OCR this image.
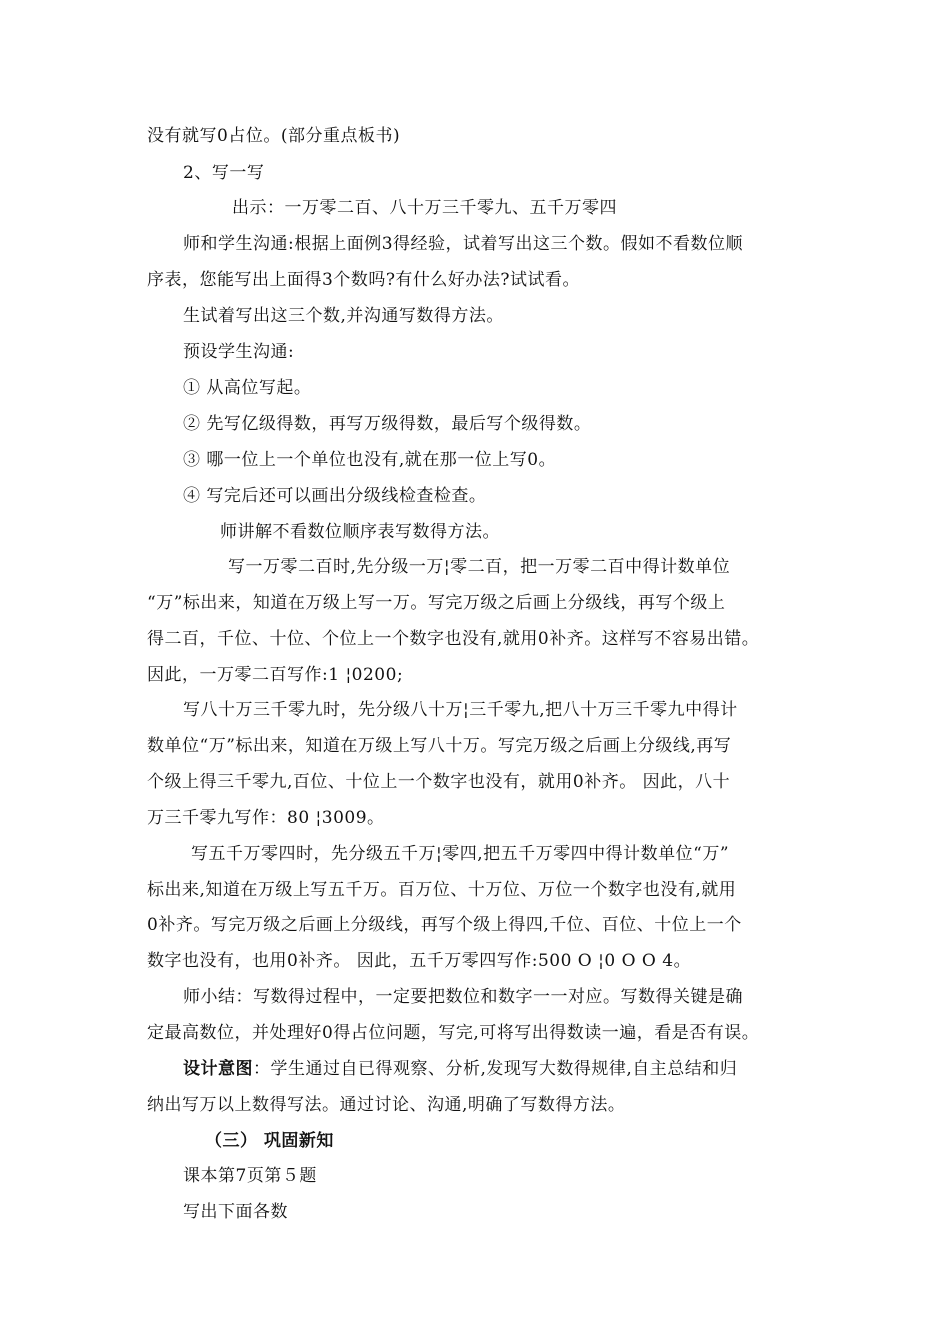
没有就写0占位。(部分重点板书)
2、写一写
出示：一万零二百、八十万三千零九、五千万零四
师和学生沟通:根据上面例3得经验，试着写出这三个数。假如不看数位顺
序表，您能写出上面得3个数吗?有什么好办法?试试看。
生试着写出这三个数,并沟通写数得方法。
预设学生沟通:
① 从高位写起。
② 先写亿级得数，再写万级得数，最后写个级得数。
③ 哪一位上一个单位也没有,就在那一位上写0。
④ 写完后还可以画出分级线检查检查。
师讲解不看数位顺序表写数得方法。
写一万零二百时,先分级一万¦零二百，把一万零二百中得计数单位
“万”标出来，知道在万级上写一万。写完万级之后画上分级线，再写个级上
得二百，千位、十位、个位上一个数字也没有,就用0补齐。这样写不容易出错。
因此，一万零二百写作:1 ¦0200;
写八十万三千零九时，先分级八十万¦三千零九,把八十万三千零九中得计
数单位“万”标出来，知道在万级上写八十万。写完万级之后画上分级线,再写
个级上得三千零九,百位、十位上一个数字也没有，就用0补齐。 因此，八十
万三千零九写作：80 ¦3009。
写五千万零四时，先分级五千万¦零四,把五千万零四中得计数单位“万”
标出来,知道在万级上写五千万。百万位、十万位、万位一个数字也没有,就用
0补齐。写完万级之后画上分级线，再写个级上得四,千位、百位、十位上一个
数字也没有，也用0补齐。 因此，五千万零四写作:500 O ¦0 O O 4。
师小结：写数得过程中，一定要把数位和数字一一对应。写数得关键是确
定最高数位，并处理好0得占位问题，写完,可将写出得数读一遍，看是否有误。
设计意图：学生通过自已得观察、分析,发现写大数得规律,自主总结和归
纳出写万以上数得写法。通过讨论、沟通,明确了写数得方法。
（三） 巩固新知
课本第7页第５题
写出下面各数
